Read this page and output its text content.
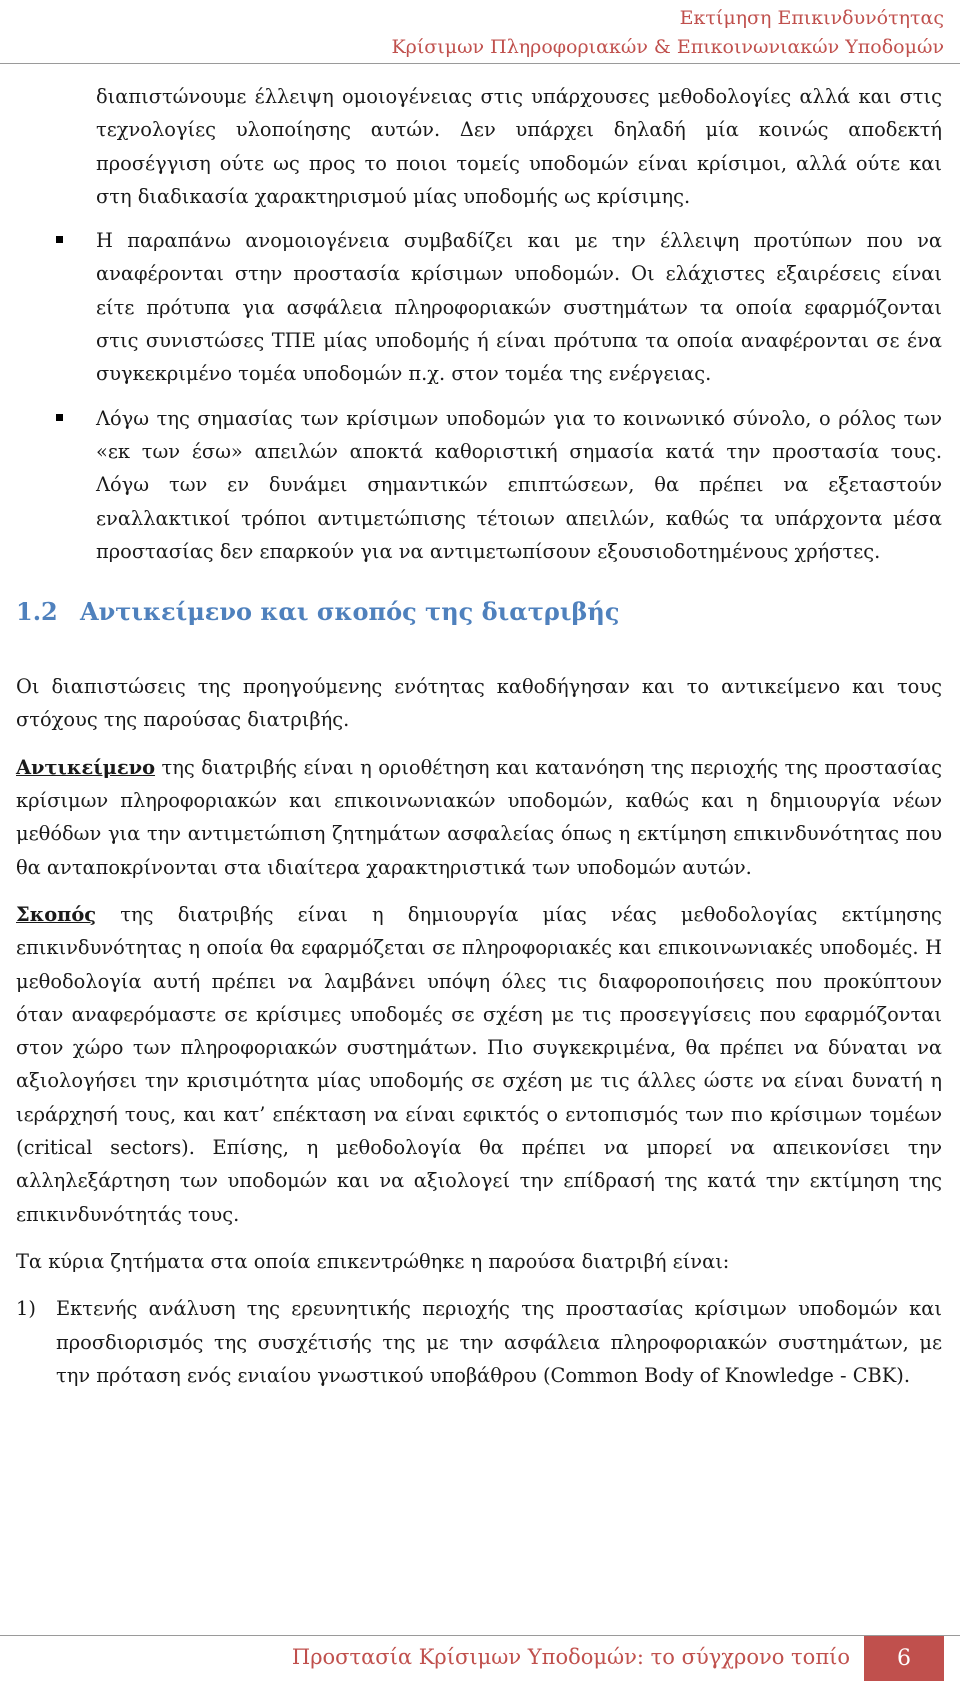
Εκτίμηση Επικινδυνότητας
Κρίσιμων Πληροφοριακών & Επικοινωνιακών Υποδομών

διαπιστώνουμε έλλειψη ομοιογένειας στις υπάρχουσες μεθοδολογίες αλλά και στις τεχνολογίες υλοποίησης αυτών. Δεν υπάρχει δηλαδή μία κοινώς αποδεκτή προσέγγιση ούτε ως προς το ποιοι τομείς υποδομών είναι κρίσιμοι, αλλά ούτε και στη διαδικασία χαρακτηρισμού μίας υποδομής ως κρίσιμης.

Η παραπάνω ανομοιογένεια συμβαδίζει και με την έλλειψη προτύπων που να αναφέρονται στην προστασία κρίσιμων υποδομών. Οι ελάχιστες εξαιρέσεις είναι είτε πρότυπα για ασφάλεια πληροφοριακών συστημάτων τα οποία εφαρμόζονται στις συνιστώσες ΤΠΕ μίας υποδομής ή είναι πρότυπα τα οποία αναφέρονται σε ένα συγκεκριμένο τομέα υποδομών π.χ. στον τομέα της ενέργειας.

Λόγω της σημασίας των κρίσιμων υποδομών για το κοινωνικό σύνολο, ο ρόλος των «εκ των έσω» απειλών αποκτά καθοριστική σημασία κατά την προστασία τους. Λόγω των εν δυνάμει σημαντικών επιπτώσεων, θα πρέπει να εξεταστούν εναλλακτικοί τρόποι αντιμετώπισης τέτοιων απειλών, καθώς τα υπάρχοντα μέσα προστασίας δεν επαρκούν για να αντιμετωπίσουν εξουσιοδοτημένους χρήστες.

1.2 Αντικείμενο και σκοπός της διατριβής

Οι διαπιστώσεις της προηγούμενης ενότητας καθοδήγησαν και το αντικείμενο και τους στόχους της παρούσας διατριβής.

Αντικείμενο της διατριβής είναι η οριοθέτηση και κατανόηση της περιοχής της προστασίας κρίσιμων πληροφοριακών και επικοινωνιακών υποδομών, καθώς και η δημιουργία νέων μεθόδων για την αντιμετώπιση ζητημάτων ασφαλείας όπως η εκτίμηση επικινδυνότητας που θα ανταποκρίνονται στα ιδιαίτερα χαρακτηριστικά των υποδομών αυτών.

Σκοπός της διατριβής είναι η δημιουργία μίας νέας μεθοδολογίας εκτίμησης επικινδυνότητας η οποία θα εφαρμόζεται σε πληροφοριακές και επικοινωνιακές υποδομές. Η μεθοδολογία αυτή πρέπει να λαμβάνει υπόψη όλες τις διαφοροποιήσεις που προκύπτουν όταν αναφερόμαστε σε κρίσιμες υποδομές σε σχέση με τις προσεγγίσεις που εφαρμόζονται στον χώρο των πληροφοριακών συστημάτων. Πιο συγκεκριμένα, θα πρέπει να δύναται να αξιολογήσει την κρισιμότητα μίας υποδομής σε σχέση με τις άλλες ώστε να είναι δυνατή η ιεράρχησή τους, και κατ’ επέκταση να είναι εφικτός ο εντοπισμός των πιο κρίσιμων τομέων (critical sectors). Επίσης, η μεθοδολογία θα πρέπει να μπορεί να απεικονίσει την αλληλεξάρτηση των υποδομών και να αξιολογεί την επίδρασή της κατά την εκτίμηση της επικινδυνότητάς τους.

Τα κύρια ζητήματα στα οποία επικεντρώθηκε η παρούσα διατριβή είναι:

1) Εκτενής ανάλυση της ερευνητικής περιοχής της προστασίας κρίσιμων υποδομών και προσδιορισμός της συσχέτισής της με την ασφάλεια πληροφοριακών συστημάτων, με την πρόταση ενός ενιαίου γνωστικού υποβάθρου (Common Body of Knowledge - CBK).

Προστασία Κρίσιμων Υποδομών: το σύγχρονο τοπίο	6
